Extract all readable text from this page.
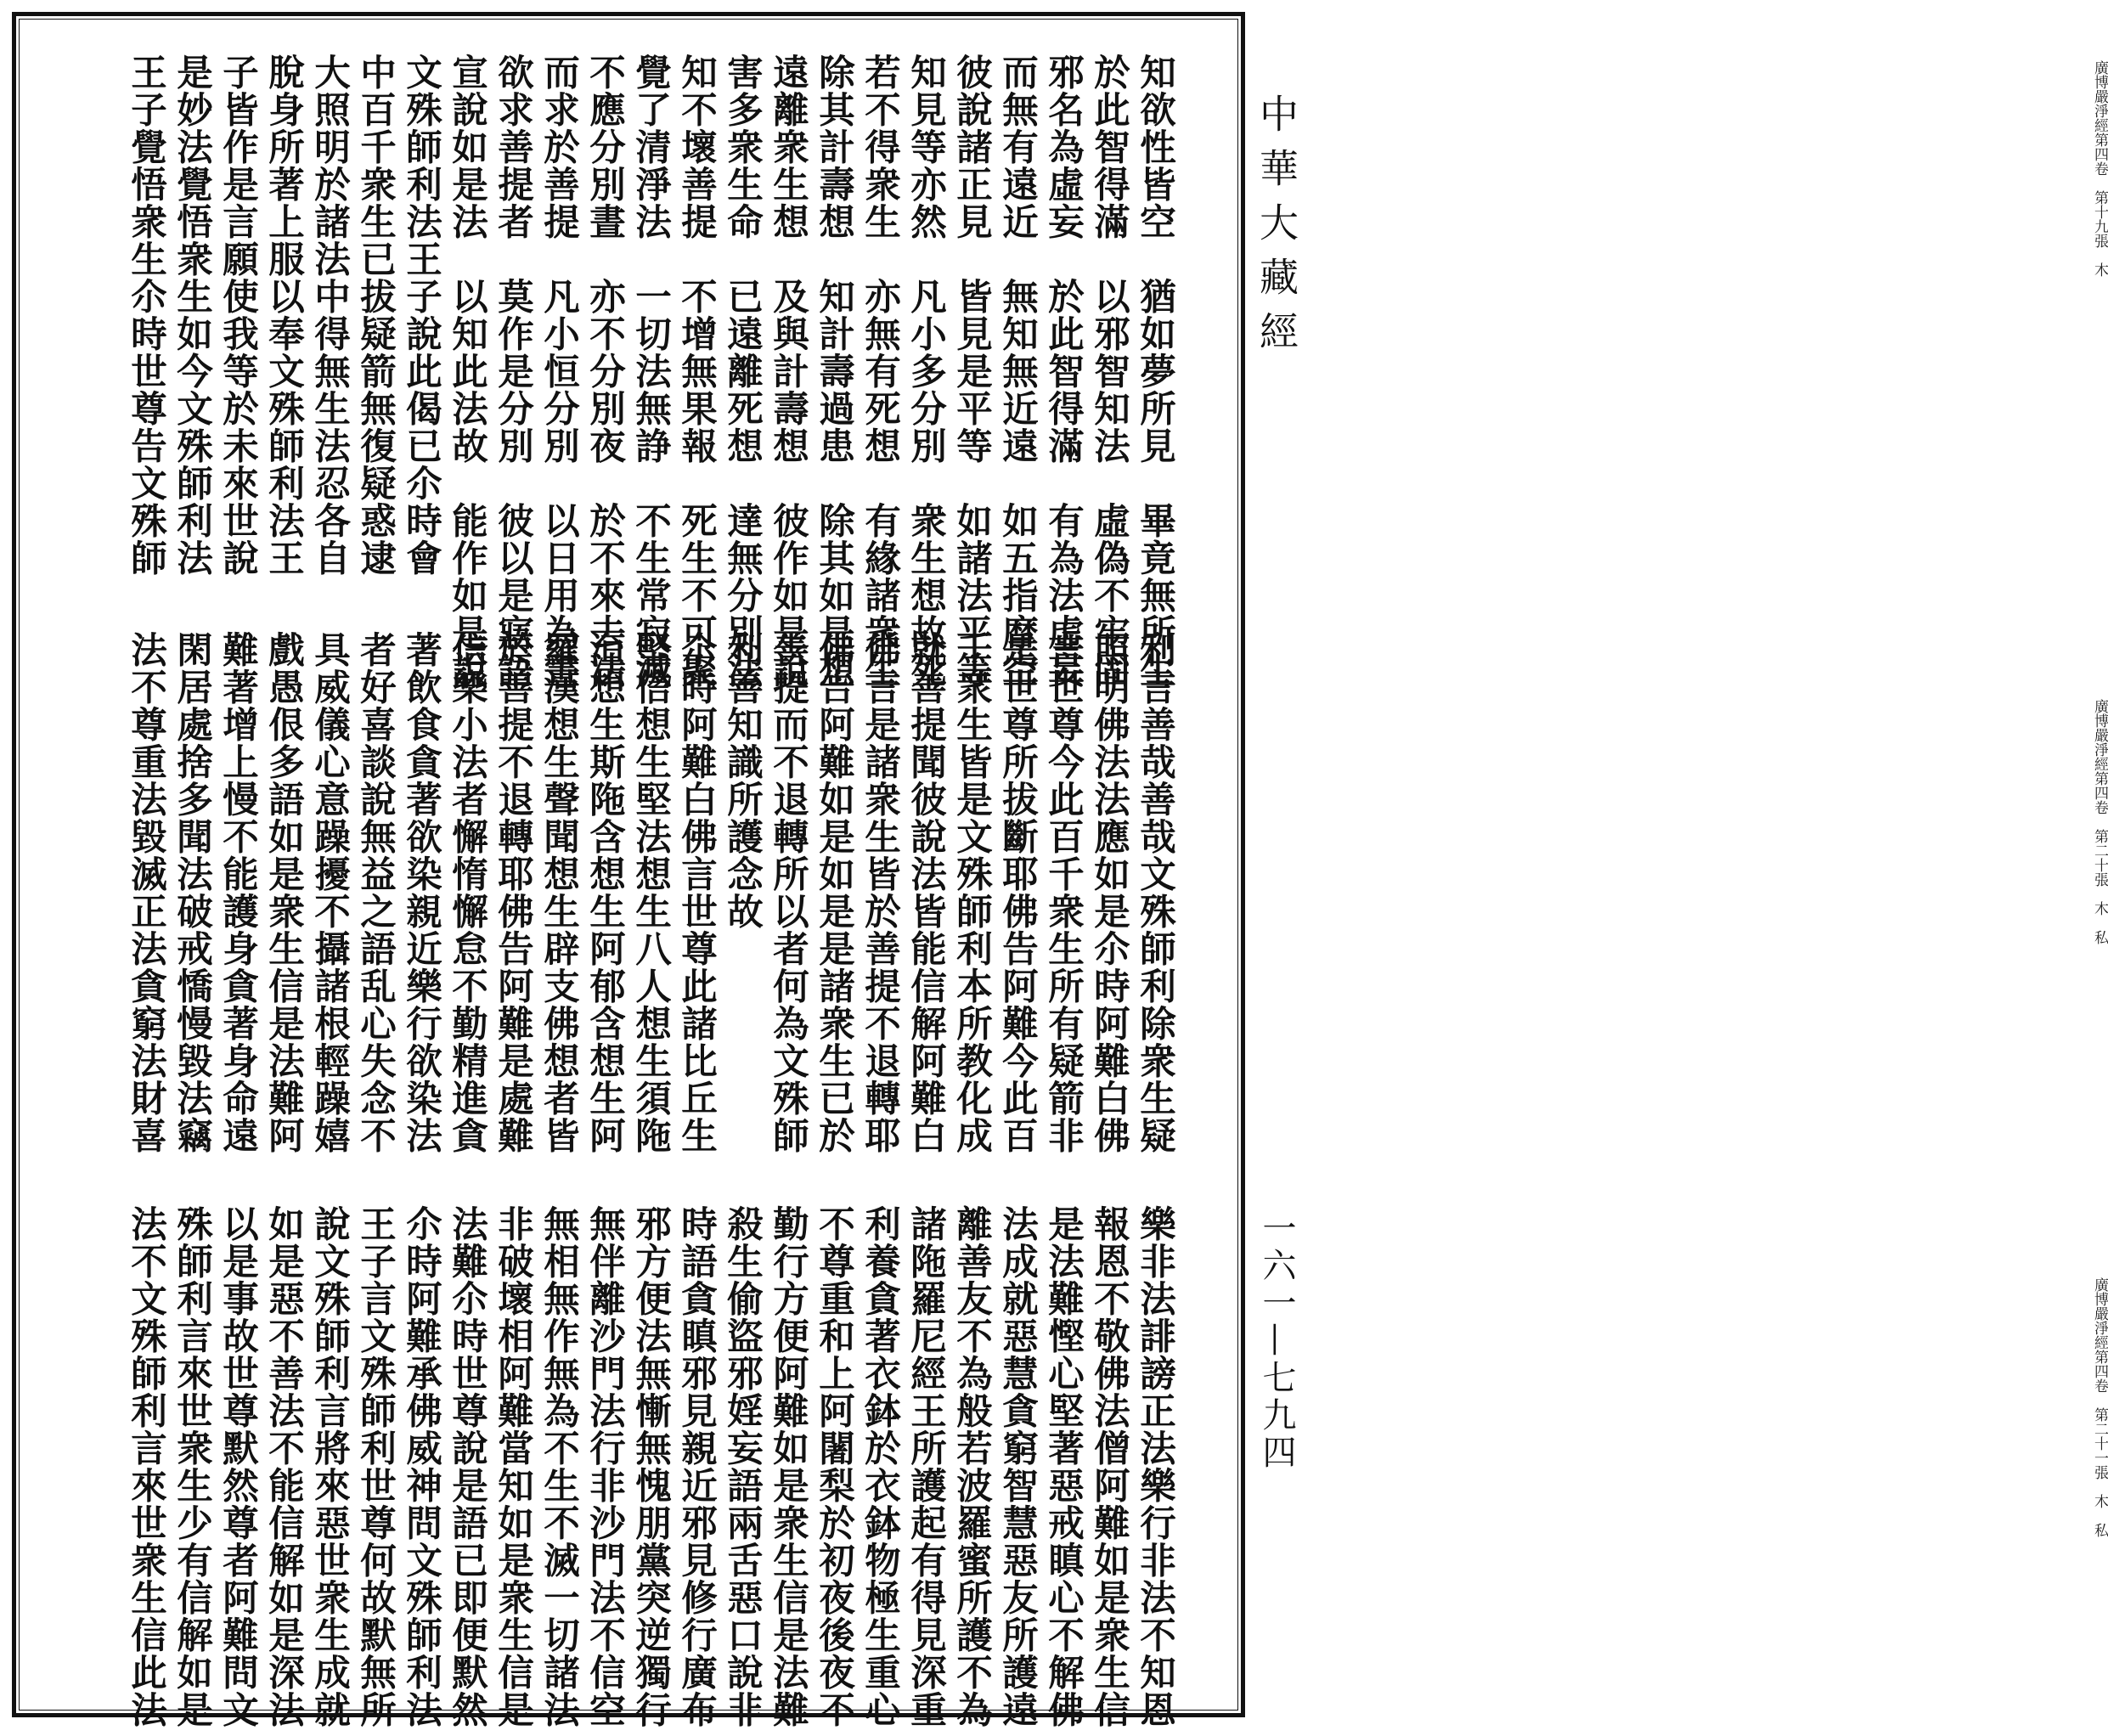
知欲性皆空　猶如夢所見　畢竟無所生
於此智得滿　以邪智知法　虛偽不牢固
邪名為虛妄　於此智得滿　有為法虛妄
而無有遠近　無知無近遠　如五指摩空
彼說諸正見　皆見是平等　如諸法平等
知見等亦然　凡小多分別　衆生想故死
若不得衆生　亦無有死想　有緣諸衆生
除其計壽想　知計壽過患　除其如是想
遠離衆生想　及與計壽想　彼作如是說
害多衆生命　已遠離死想　達無分別法
知不壞善提　不增無果報　死生不可聚
覺了清淨法　一切法無諍　不生常寂滅
不應分別晝　亦不分別夜　於不來去法
而求於善提　凡小恒分別　以日用為晝
欲求善提者　莫作是分別　彼以是寤語
宣說如是法　以知此法故　能作如是說
文殊師利法王子說此偈已尒時會
中百千衆生已拔疑箭無復疑惑逮
大照明於諸法中得無生法忍各自
脫身所著上服以奉文殊師利法王
子皆作是言願使我等於未來世說
是妙法覺悟衆生如今文殊師利法
王子覺悟衆生尒時世尊告文殊師	廣博嚴淨經第四卷　第十九張　木
利言善哉善哉文殊師利除衆生疑
照明佛法法應如是尒時阿難白佛
言世尊今此百千衆生所有疑箭非
是世尊所拔斷耶佛告阿難今此百
千衆生皆是文殊師利本所教化成
就善提聞彼說法皆能信解阿難白
佛言是諸衆生皆於善提不退轉耶
佛告阿難如是如是是諸衆生已於
善提而不退轉所以者何為文殊師
利善知識所護念故
尒時阿難白佛言世尊此諸比丘生
堅信想生堅法想生八人想生須陁
洹想生斯陁含想生阿郁含想生阿
羅漢想生聲聞想生辟支佛想者皆
於善提不退轉耶佛告阿難是處難
信樂小法者懈惰懈怠不勤精進貪
著飲食貪著欲染親近樂行欲染法
者好喜談說無益之語乱心失念不
具威儀心意躁擾不攝諸根輕躁嬉
戲愚佷多語如是衆生信是法難阿
難著增上慢不能護身貪著身命遠
閑居處捨多聞法破戒憍慢毀法竊
法不尊重法毀滅正法貪窮法財喜	廣博嚴淨經第四卷　第二十張　木　私
樂非法誹謗正法樂行非法不知恩
報恩不敬佛法僧阿難如是衆生信
是法難慳心堅著惡戒瞋心不解佛
法成就惡慧貪窮智慧惡友所護遠
離善友不為般若波羅蜜所護不為
諸陁羅尼經王所護起有得見深重
利養貪著衣鉢於衣鉢物極生重心
不尊重和上阿闍梨於初夜後夜不
勤行方便阿難如是衆生信是法難
殺生偷盜邪婬妄語兩舌惡口說非
時語貪瞋邪見親近邪見修行廣布
邪方便法無慚無愧朋黨突逆獨行
無伴離沙門法行非沙門法不信空
無相無作無為不生不滅一切諸法
非破壞相阿難當知如是衆生信是
法難尒時世尊說是語已即便默然
尒時阿難承佛威神問文殊師利法
王子言文殊師利世尊何故默無所
說文殊師利言將來惡世衆生成就
如是惡不善法不能信解如是深法
以是事故世尊默然尊者阿難問文
殊師利言來世衆生少有信解如是
法不文殊師利言來世衆生信此法	廣博嚴淨經第四卷　第二十一張　木　私
中華大藏經
一六一—七九四
